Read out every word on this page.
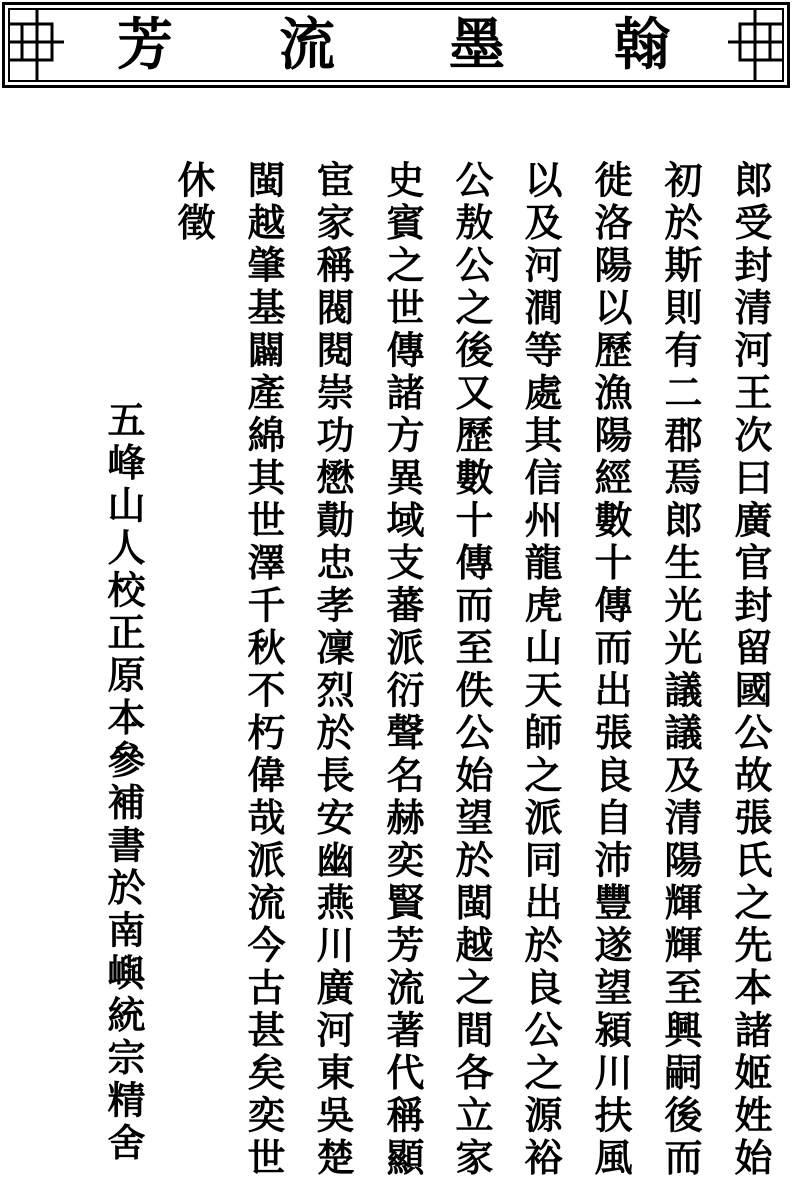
芳 流 墨 翰
郎受封清河王次曰廣官封留國公故張氏之先本諸姬姓始
初於斯則有二郡焉郎生光光議議及清陽輝輝至興嗣後而
徙洛陽以歷漁陽經數十傳而出張良自沛豐遂望潁川扶風
以及河澗等處其信州龍虎山天師之派同出於良公之源裕
公敖公之後又歷數十傳而至佚公始望於閩越之間各立家
史賓之世傳諸方異域支蕃派衍聲名赫奕賢芳流著代稱顯
宦家稱閥閱崇功懋勣忠孝凜烈於長安幽燕川廣河東吳楚
閩越肇基闢產綿其世澤千秋不朽偉哉派流今古甚矣奕世
休徵
五峰山人校正原本參補書於南嶼統宗精舍
